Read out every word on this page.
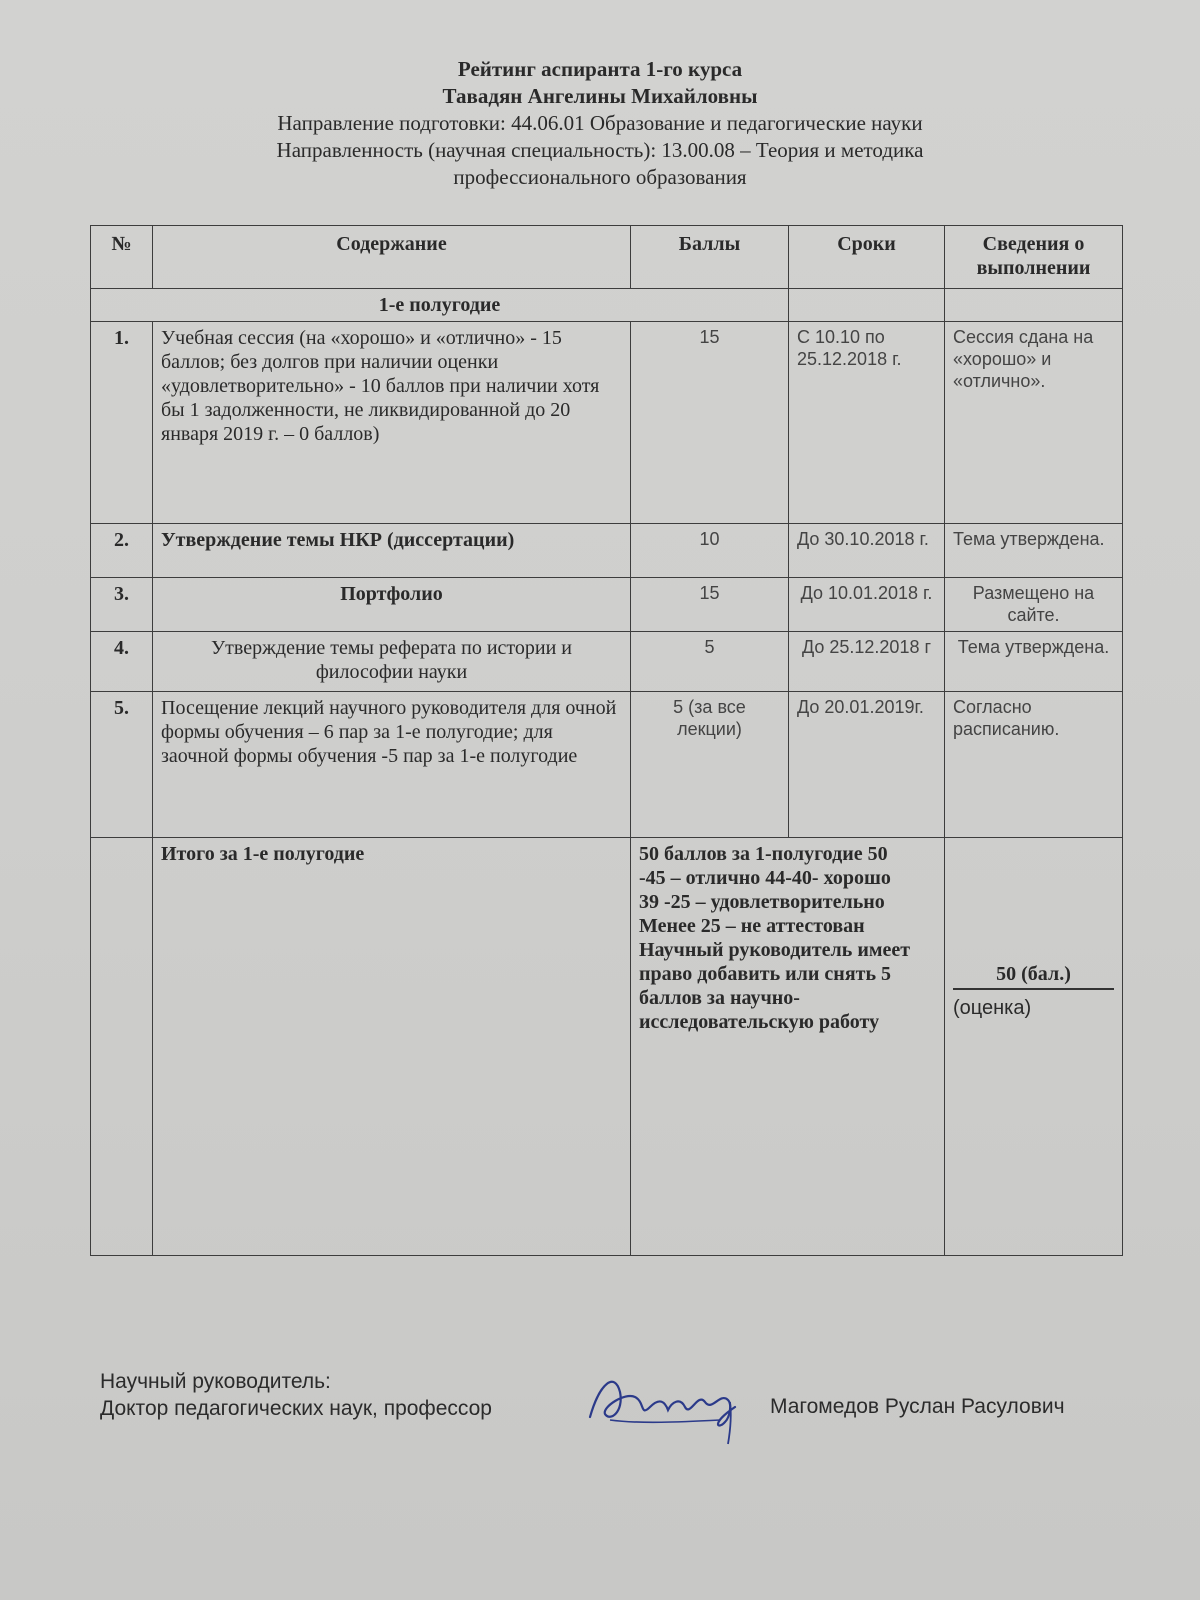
Рейтинг аспиранта 1-го курса
Тавадян Ангелины Михайловны
Направление подготовки: 44.06.01 Образование и педагогические науки
Направленность (научная специальность): 13.00.08 – Теория и методика
профессионального образования
№	Содержание	Баллы	Сроки	Сведения о выполнении
1-е полугодие				
1.	Учебная сессия (на «хорошо» и «отлично» - 15 баллов; без долгов при наличии оценки «удовлетворительно» - 10 баллов при наличии хотя бы 1 задолженности, не ликвидированной до 20 января 2019 г. – 0 баллов)	15	С 10.10 по 25.12.2018 г.	Сессия сдана на «хорошо» и «отлично».
2.	Утверждение темы НКР (диссертации)	10	До 30.10.2018 г.	Тема утверждена.
3.	Портфолио	15	До 10.01.2018 г.	Размещено на сайте.
4.	Утверждение темы реферата по истории и философии науки	5	До 25.12.2018 г	Тема утверждена.
5.	Посещение лекций научного руководителя для очной формы обучения – 6 пар за 1-е полугодие; для заочной формы обучения -5 пар за 1-е полугодие	5 (за все лекции)	До 20.01.2019г.	Согласно расписанию.
	Итого за 1-е полугодие	50 баллов за 1-полугодие 50 -45 – отлично 44-40- хорошо 39 -25 – удовлетворительно Менее 25 – не аттестован Научный руководитель имеет право добавить или снять 5 баллов за научно-исследовательскую работу		50 (бал.)
(оценка)
Научный руководитель:
Доктор педагогических наук, профессор	Магомедов Руслан Расулович
